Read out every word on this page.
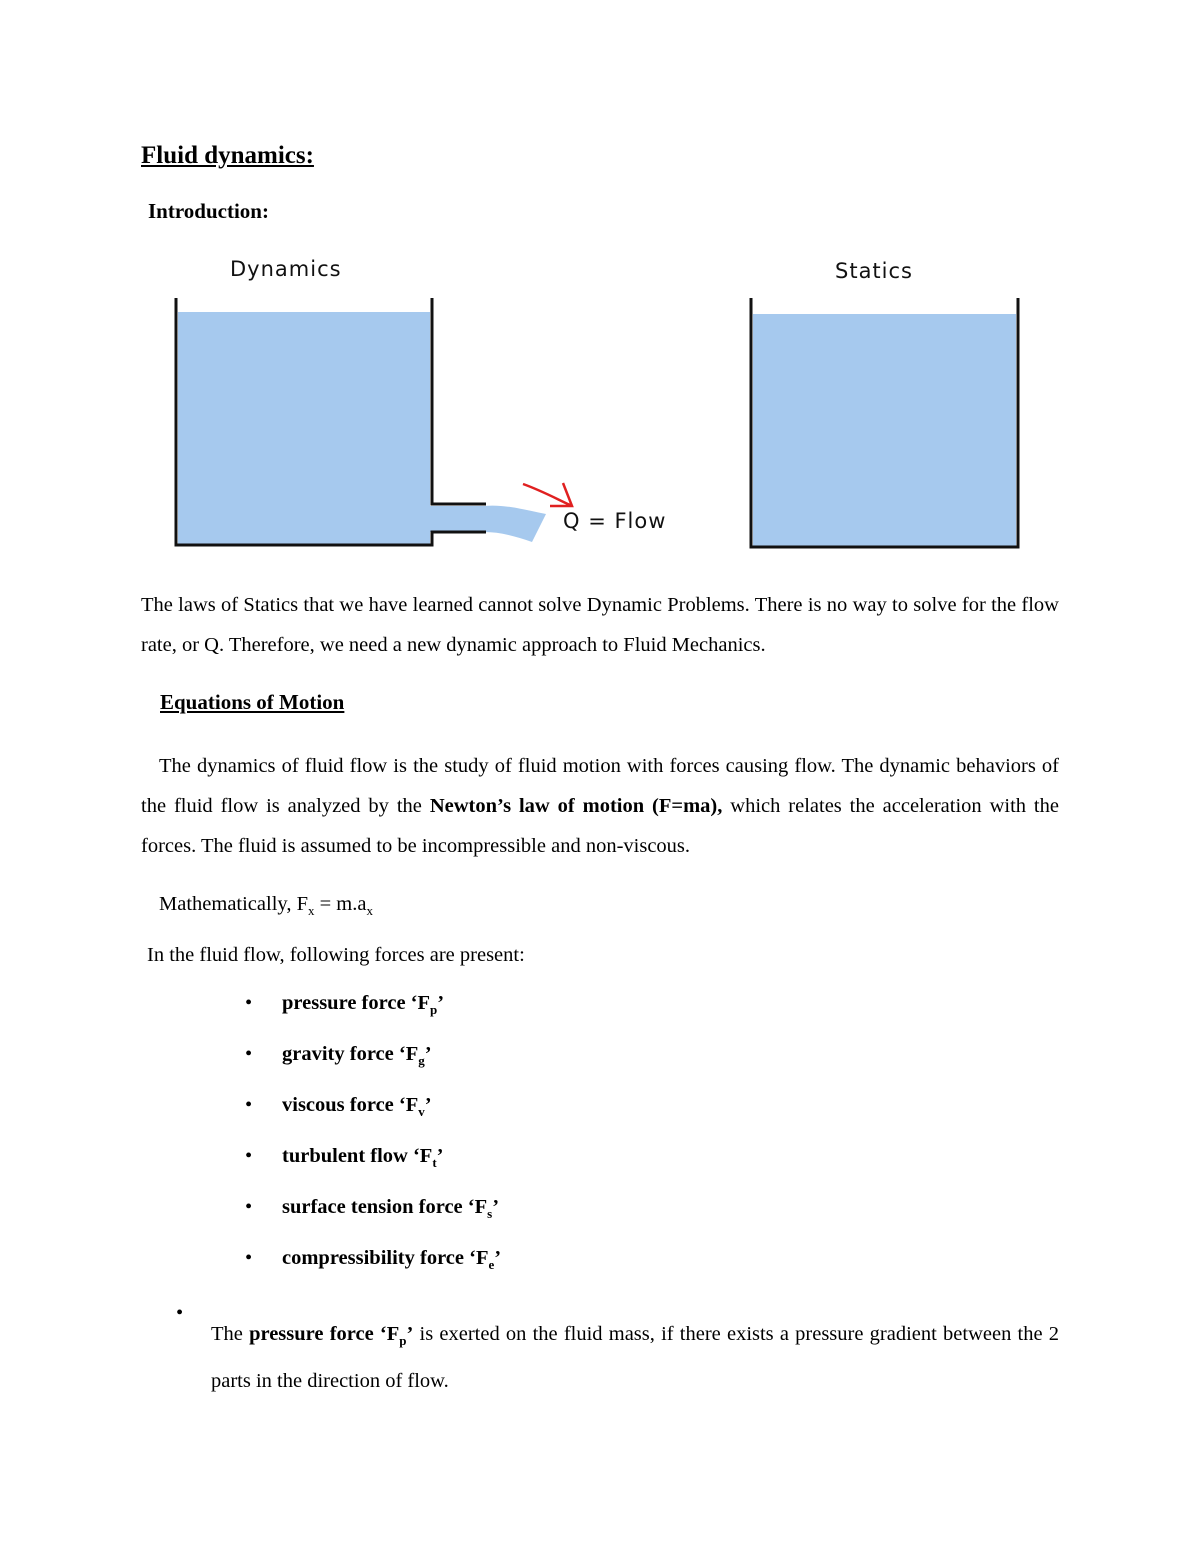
Fluid dynamics:
Introduction:
Dynamics
Q = Flow
Statics

The laws of Statics that we have learned cannot solve Dynamic Problems. There is no way to solve for the flow rate, or Q. Therefore, we need a new dynamic approach to Fluid Mechanics.

Equations of Motion

The dynamics of fluid flow is the study of fluid motion with forces causing flow. The dynamic behaviors of the fluid flow is analyzed by the Newton’s law of motion (F=ma), which relates the acceleration with the forces. The fluid is assumed to be incompressible and non-viscous.

Mathematically, $F_x = m.a_x$

In the fluid flow, following forces are present:

• pressure force ‘$F_p$’
• gravity force ‘$F_g$’
• viscous force ‘$F_v$’
• turbulent flow ‘$F_t$’
• surface tension force ‘$F_s$’
• compressibility force ‘$F_e$’
•

The pressure force ‘$F_p$’ is exerted on the fluid mass, if there exists a pressure gradient between the 2 parts in the direction of flow.
